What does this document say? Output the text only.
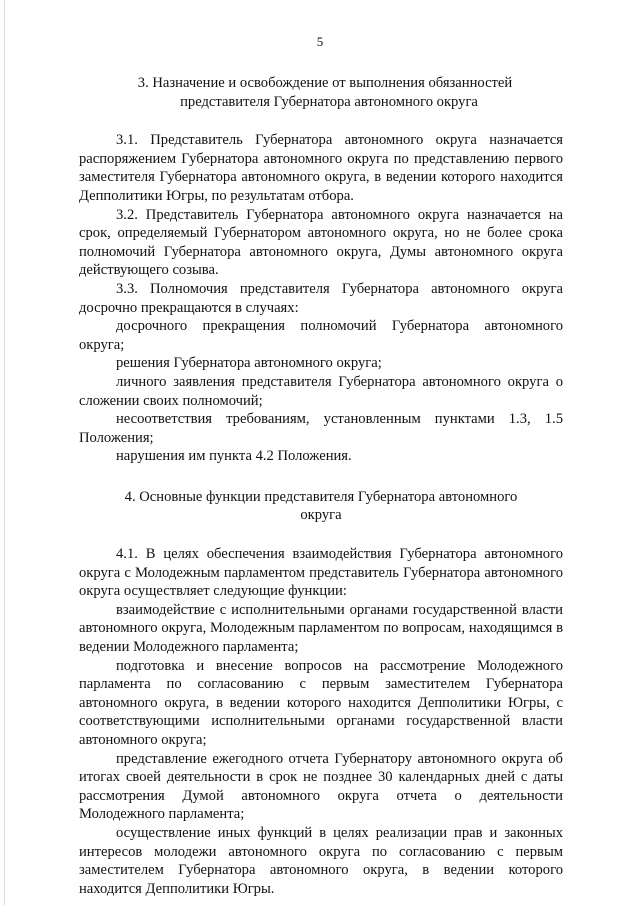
5
3. Назначение и освобождение от выполнения обязанностей
представителя Губернатора автономного округа

3.1. Представитель Губернатора автономного округа назначается распоряжением Губернатора автономного округа по представлению первого заместителя Губернатора автономного округа, в ведении которого находится Депполитики Югры, по результатам отбора.

3.2. Представитель Губернатора автономного округа назначается на срок, определяемый Губернатором автономного округа, но не более срока полномочий Губернатора автономного округа, Думы автономного округа действующего созыва.

3.3. Полномочия представителя Губернатора автономного округа досрочно прекращаются в случаях:

досрочного прекращения полномочий Губернатора автономного округа;

решения Губернатора автономного округа;

личного заявления представителя Губернатора автономного округа о сложении своих полномочий;

несоответствия требованиям, установленным пунктами 1.3, 1.5 Положения;

нарушения им пункта 4.2 Положения.

4. Основные функции представителя Губернатора автономного
округа

4.1. В целях обеспечения взаимодействия Губернатора автономного округа с Молодежным парламентом представитель Губернатора автономного округа осуществляет следующие функции:

взаимодействие с исполнительными органами государственной власти автономного округа, Молодежным парламентом по вопросам, находящимся в ведении Молодежного парламента;

подготовка и внесение вопросов на рассмотрение Молодежного парламента по согласованию с первым заместителем Губернатора автономного округа, в ведении которого находится Депполитики Югры, с соответствующими исполнительными органами государственной власти автономного округа;

представление ежегодного отчета Губернатору автономного округа об итогах своей деятельности в срок не позднее 30 календарных дней с даты рассмотрения Думой автономного округа отчета о деятельности Молодежного парламента;

осуществление иных функций в целях реализации прав и законных интересов молодежи автономного округа по согласованию с первым заместителем Губернатора автономного округа, в ведении которого находится Депполитики Югры.
